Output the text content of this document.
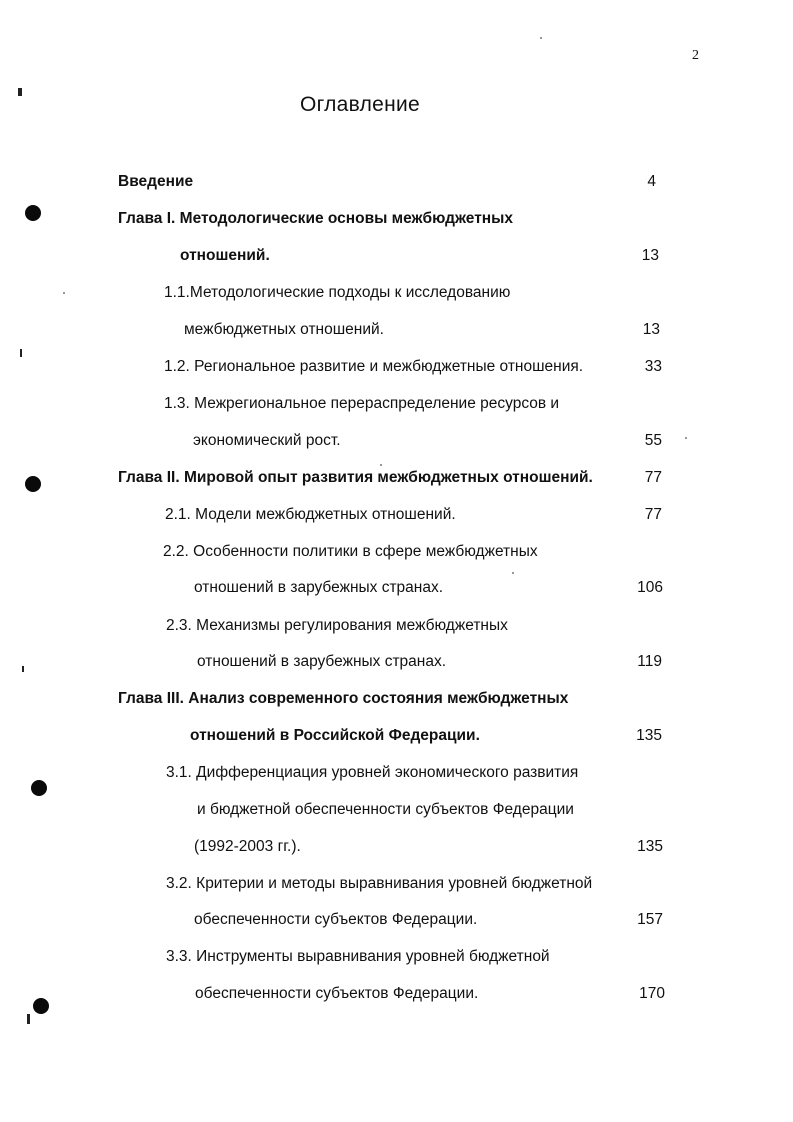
2
Оглавление
Введение	4
Глава I. Методологические основы межбюджетных
отношений.	13
1.1.Методологические подходы к исследованию
межбюджетных отношений.	13
1.2. Региональное развитие и межбюджетные отношения.	33
1.3. Межрегиональное перераспределение ресурсов и
экономический рост.	55
Глава II. Мировой опыт развития межбюджетных отношений.	77
2.1. Модели межбюджетных отношений.	77
2.2. Особенности политики в сфере межбюджетных
отношений в зарубежных странах.	106
2.3. Механизмы регулирования межбюджетных
отношений в зарубежных странах.	119
Глава III. Анализ современного состояния межбюджетных
отношений в Российской Федерации.	135
3.1. Дифференциация уровней экономического развития
и бюджетной обеспеченности субъектов Федерации
(1992-2003 гг.).	135
3.2. Критерии и методы выравнивания уровней бюджетной
обеспеченности субъектов Федерации.	157
3.3. Инструменты выравнивания уровней бюджетной
обеспеченности субъектов Федерации.	170
